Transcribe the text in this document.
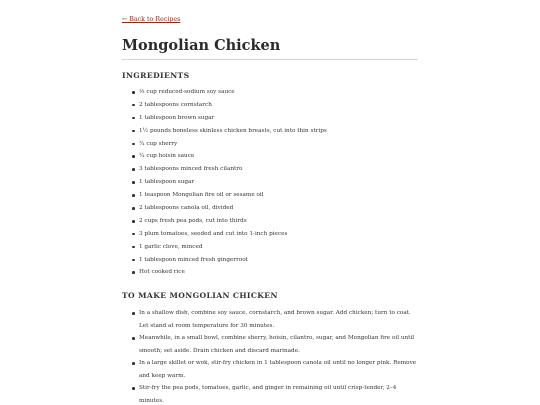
← Back to Recipes
Mongolian Chicken
INGREDIENTS
⅓ cup reduced-sodium soy sauce
2 tablespoons cornstarch
1 tablespoon brown sugar
1½ pounds boneless skinless chicken breasts, cut into thin strips
¼ cup sherry
¼ cup hoisin sauce
3 tablespoons minced fresh cilantro
1 tablespoon sugar
1 teaspoon Mongolian fire oil or sesame oil
2 tablespoons canola oil, divided
2 cups fresh pea pods, cut into thirds
3 plum tomatoes, seeded and cut into 1-inch pieces
1 garlic clove, minced
1 tablespoon minced fresh gingerroot
Hot cooked rice
TO MAKE MONGOLIAN CHICKEN
In a shallow dish, combine soy sauce, cornstarch, and brown sugar. Add chicken; turn to coat. Let stand at room temperature for 30 minutes.
Meanwhile, in a small bowl, combine sherry, hoisin, cilantro, sugar, and Mongolian fire oil until smooth; set aside. Drain chicken and discard marinade.
In a large skillet or wok, stir-fry chicken in 1 tablespoon canola oil until no longer pink. Remove and keep warm.
Stir-fry the pea pods, tomatoes, garlic, and ginger in remaining oil until crisp-tender, 2–4 minutes.
